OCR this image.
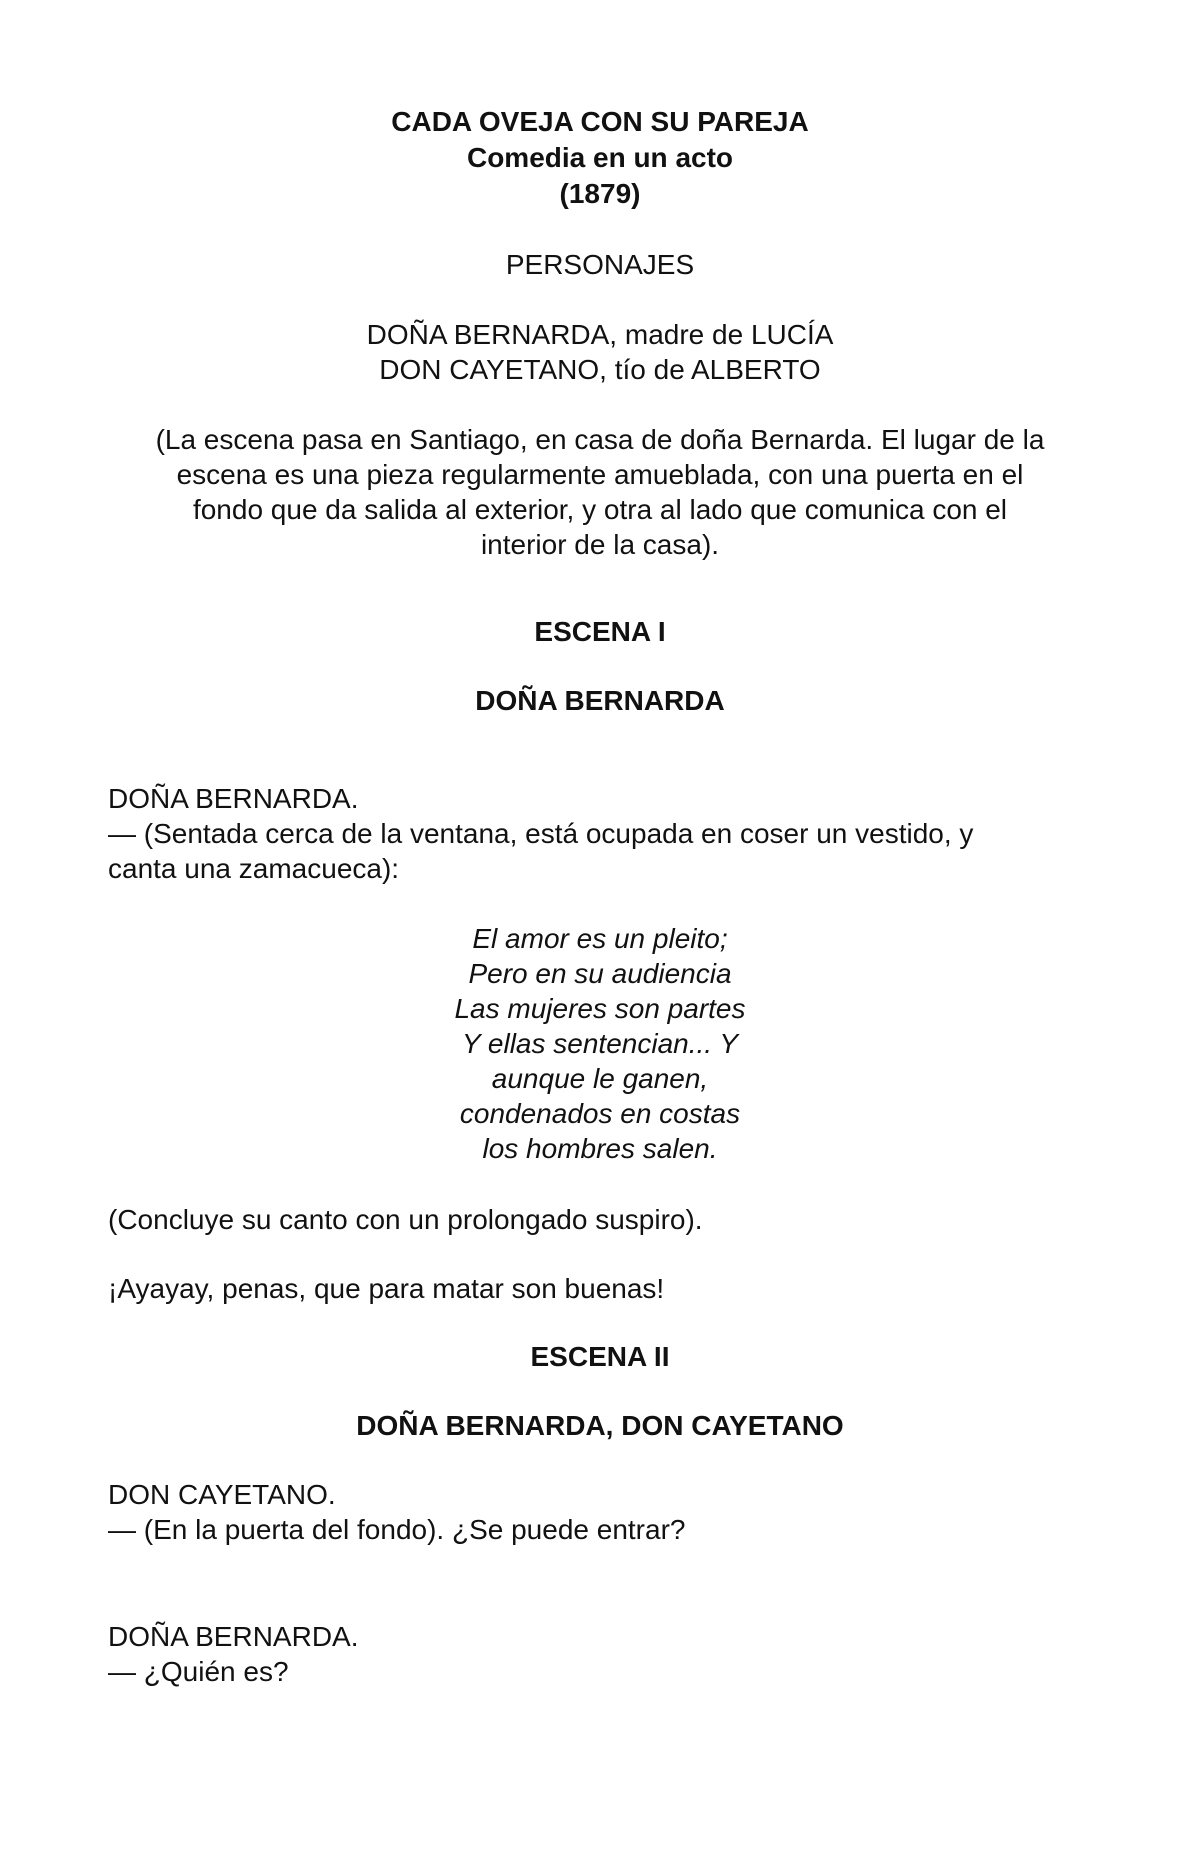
CADA OVEJA CON SU PAREJA
Comedia en un acto
(1879)
PERSONAJES
DOÑA BERNARDA, madre de LUCÍA
DON CAYETANO, tío de ALBERTO
(La escena pasa en Santiago, en casa de doña Bernarda. El lugar de la
escena es una pieza regularmente amueblada, con una puerta en el
fondo que da salida al exterior, y otra al lado que comunica con el
interior de la casa).
ESCENA I
DOÑA BERNARDA
DOÑA BERNARDA.
— (Sentada cerca de la ventana, está ocupada en coser un vestido, y
canta una zamacueca):
El amor es un pleito;
Pero en su audiencia
Las mujeres son partes
Y ellas sentencian... Y
aunque le ganen,
condenados en costas
los hombres salen.
(Concluye su canto con un prolongado suspiro).
¡Ayayay, penas, que para matar son buenas!
ESCENA II
DOÑA BERNARDA, DON CAYETANO
DON CAYETANO.
— (En la puerta del fondo). ¿Se puede entrar?
DOÑA BERNARDA.
— ¿Quién es?
